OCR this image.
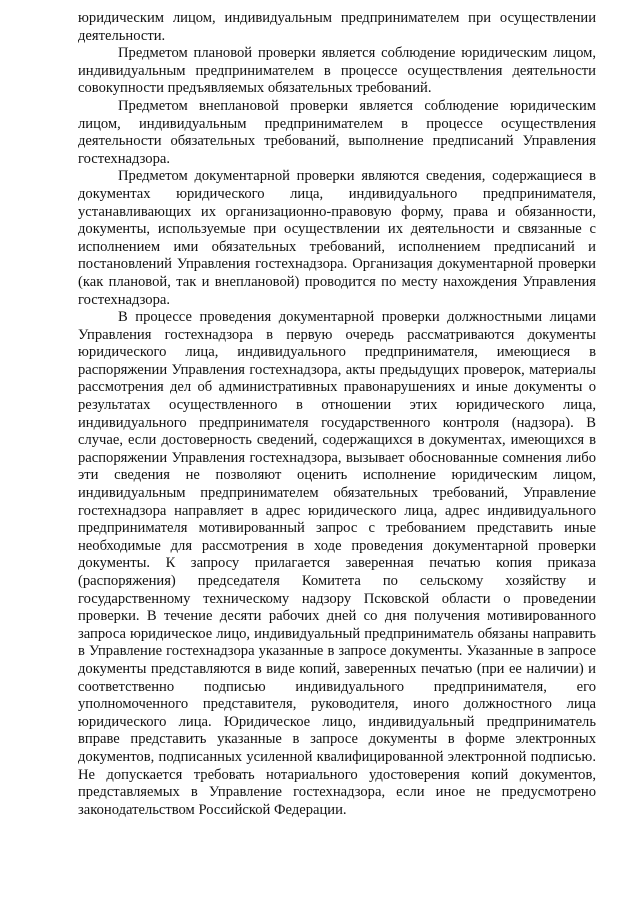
юридическим лицом, индивидуальным предпринимателем при осуществлении деятельности.

Предметом плановой проверки является соблюдение юридическим лицом, индивидуальным предпринимателем в процессе осуществления деятельности совокупности предъявляемых обязательных требований.

Предметом внеплановой проверки является соблюдение юридическим лицом, индивидуальным предпринимателем в процессе осуществления деятельности обязательных требований, выполнение предписаний Управления гостехнадзора.

Предметом документарной проверки являются сведения, содержащиеся в документах юридического лица, индивидуального предпринимателя, устанавливающих их организационно-правовую форму, права и обязанности, документы, используемые при осуществлении их деятельности и связанные с исполнением ими обязательных требований, исполнением предписаний и постановлений Управления гостехнадзора. Организация документарной проверки (как плановой, так и внеплановой) проводится по месту нахождения Управления гостехнадзора.

В процессе проведения документарной проверки должностными лицами Управления гостехнадзора в первую очередь рассматриваются документы юридического лица, индивидуального предпринимателя, имеющиеся в распоряжении Управления гостехнадзора, акты предыдущих проверок, материалы рассмотрения дел об административных правонарушениях и иные документы о результатах осуществленного в отношении этих юридического лица, индивидуального предпринимателя государственного контроля (надзора). В случае, если достоверность сведений, содержащихся в документах, имеющихся в распоряжении Управления гостехнадзора, вызывает обоснованные сомнения либо эти сведения не позволяют оценить исполнение юридическим лицом, индивидуальным предпринимателем обязательных требований, Управление гостехнадзора направляет в адрес юридического лица, адрес индивидуального предпринимателя мотивированный запрос с требованием представить иные необходимые для рассмотрения в ходе проведения документарной проверки документы. К запросу прилагается заверенная печатью копия приказа (распоряжения) председателя Комитета по сельскому хозяйству и государственному техническому надзору Псковской области о проведении проверки. В течение десяти рабочих дней со дня получения мотивированного запроса юридическое лицо, индивидуальный предприниматель обязаны направить в Управление гостехнадзора указанные в запросе документы. Указанные в запросе документы представляются в виде копий, заверенных печатью (при ее наличии) и соответственно подписью индивидуального предпринимателя, его уполномоченного представителя, руководителя, иного должностного лица юридического лица. Юридическое лицо, индивидуальный предприниматель вправе представить указанные в запросе документы в форме электронных документов, подписанных усиленной квалифицированной электронной подписью. Не допускается требовать нотариального удостоверения копий документов, представляемых в Управление гостехнадзора, если иное не предусмотрено законодательством Российской Федерации.
